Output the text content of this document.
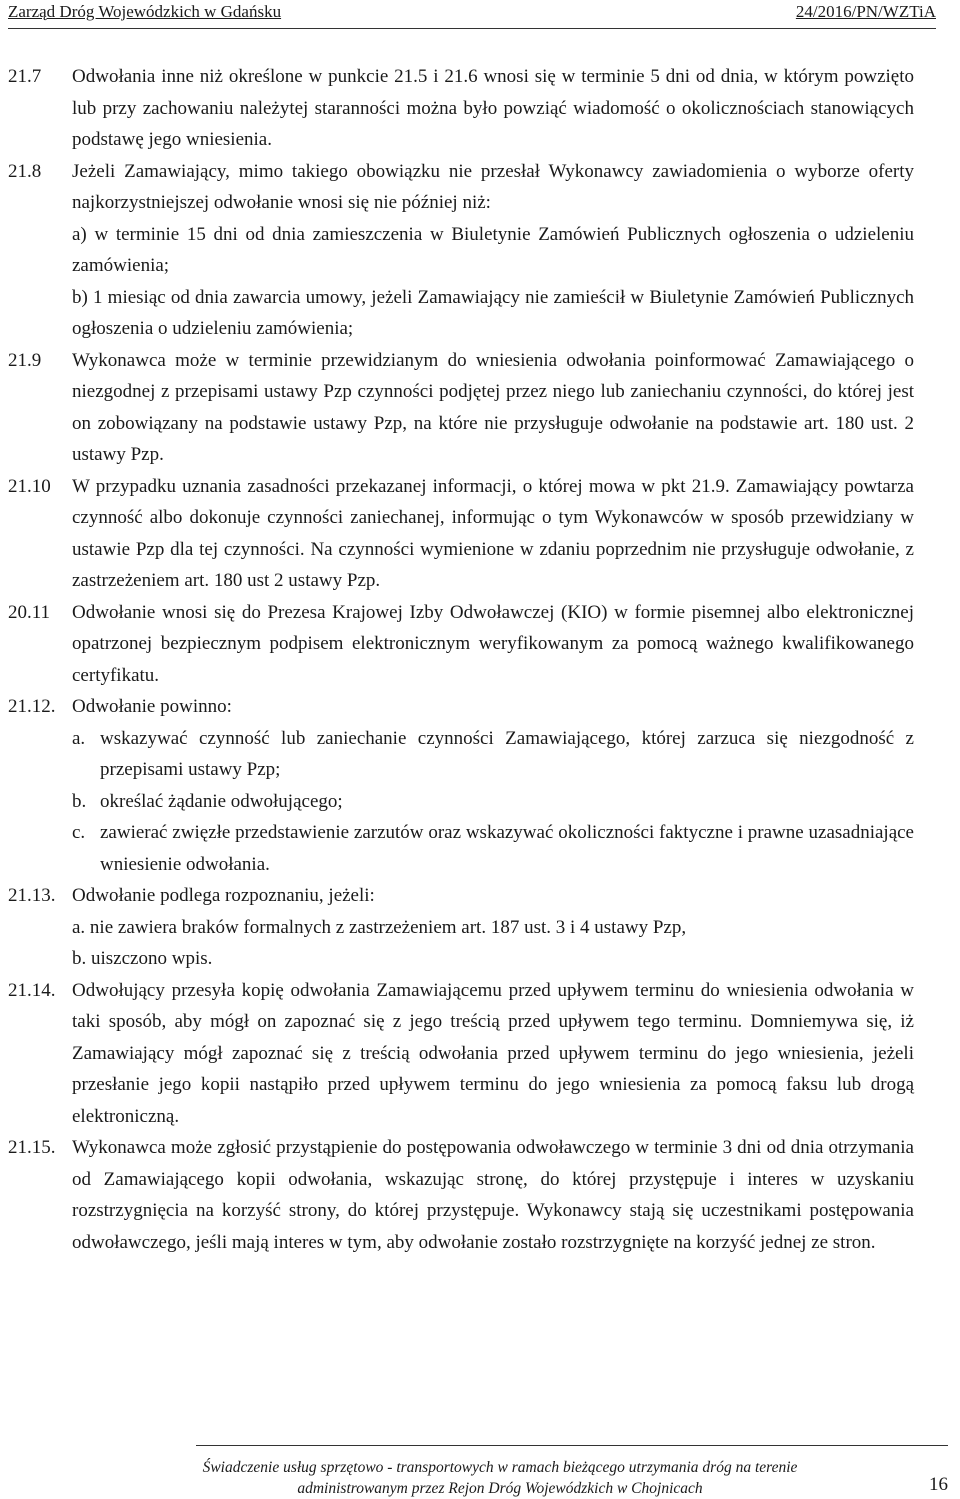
Zarząd Dróg Wojewódzkich w Gdańsku	24/2016/PN/WZTiA
21.7 Odwołania inne niż określone w punkcie 21.5 i 21.6 wnosi się w terminie 5 dni od dnia, w którym powzięto lub przy zachowaniu należytej staranności można było powziąć wiadomość o okolicznościach stanowiących podstawę jego wniesienia.

21.8 Jeżeli Zamawiający, mimo takiego obowiązku nie przesłał Wykonawcy zawiadomienia o wyborze oferty najkorzystniejszej odwołanie wnosi się nie później niż:

a) w terminie 15 dni od dnia zamieszczenia w Biuletynie Zamówień Publicznych ogłoszenia o udzieleniu zamówienia;

b) 1 miesiąc od dnia zawarcia umowy, jeżeli Zamawiający nie zamieścił w Biuletynie Zamówień Publicznych ogłoszenia o udzieleniu zamówienia;

21.9 Wykonawca może w terminie przewidzianym do wniesienia odwołania poinformować Zamawiającego o niezgodnej z przepisami ustawy Pzp czynności podjętej przez niego lub zaniechaniu czynności, do której jest on zobowiązany na podstawie ustawy Pzp, na które nie przysługuje odwołanie na podstawie art. 180 ust. 2 ustawy Pzp.

21.10 W przypadku uznania zasadności przekazanej informacji, o której mowa w pkt 21.9. Zamawiający powtarza czynność albo dokonuje czynności zaniechanej, informując o tym Wykonawców w sposób przewidziany w ustawie Pzp dla tej czynności. Na czynności wymienione w zdaniu poprzednim nie przysługuje odwołanie, z zastrzeżeniem art. 180 ust 2 ustawy Pzp.

20.11 Odwołanie wnosi się do Prezesa Krajowej Izby Odwoławczej (KIO) w formie pisemnej albo elektronicznej opatrzonej bezpiecznym podpisem elektronicznym weryfikowanym za pomocą ważnego kwalifikowanego certyfikatu.

21.12. Odwołanie powinno:

a. wskazywać czynność lub zaniechanie czynności Zamawiającego, której zarzuca się niezgodność z przepisami ustawy Pzp;
b. określać żądanie odwołującego;
c. zawierać zwięzłe przedstawienie zarzutów oraz wskazywać okoliczności faktyczne i prawne uzasadniające wniesienie odwołania.
21.13. Odwołanie podlega rozpoznaniu, jeżeli:

a. nie zawiera braków formalnych z zastrzeżeniem art. 187 ust. 3 i 4 ustawy Pzp,

b. uiszczono wpis.

21.14. Odwołujący przesyła kopię odwołania Zamawiającemu przed upływem terminu do wniesienia odwołania w taki sposób, aby mógł on zapoznać się z jego treścią przed upływem tego terminu. Domniemywa się, iż Zamawiający mógł zapoznać się z treścią odwołania przed upływem terminu do jego wniesienia, jeżeli przesłanie jego kopii nastąpiło przed upływem terminu do jego wniesienia za pomocą faksu lub drogą elektroniczną.

21.15. Wykonawca może zgłosić przystąpienie do postępowania odwoławczego w terminie 3 dni od dnia otrzymania od Zamawiającego kopii odwołania, wskazując stronę, do której przystępuje i interes w uzyskaniu rozstrzygnięcia na korzyść strony, do której przystępuje. Wykonawcy stają się uczestnikami postępowania odwoławczego, jeśli mają interes w tym, aby odwołanie zostało rozstrzygnięte na korzyść jednej ze stron.

Świadczenie usług sprzętowo - transportowych w ramach bieżącego utrzymania dróg na terenie
administrowanym przez Rejon Dróg Wojewódzkich w Chojnicach	16
